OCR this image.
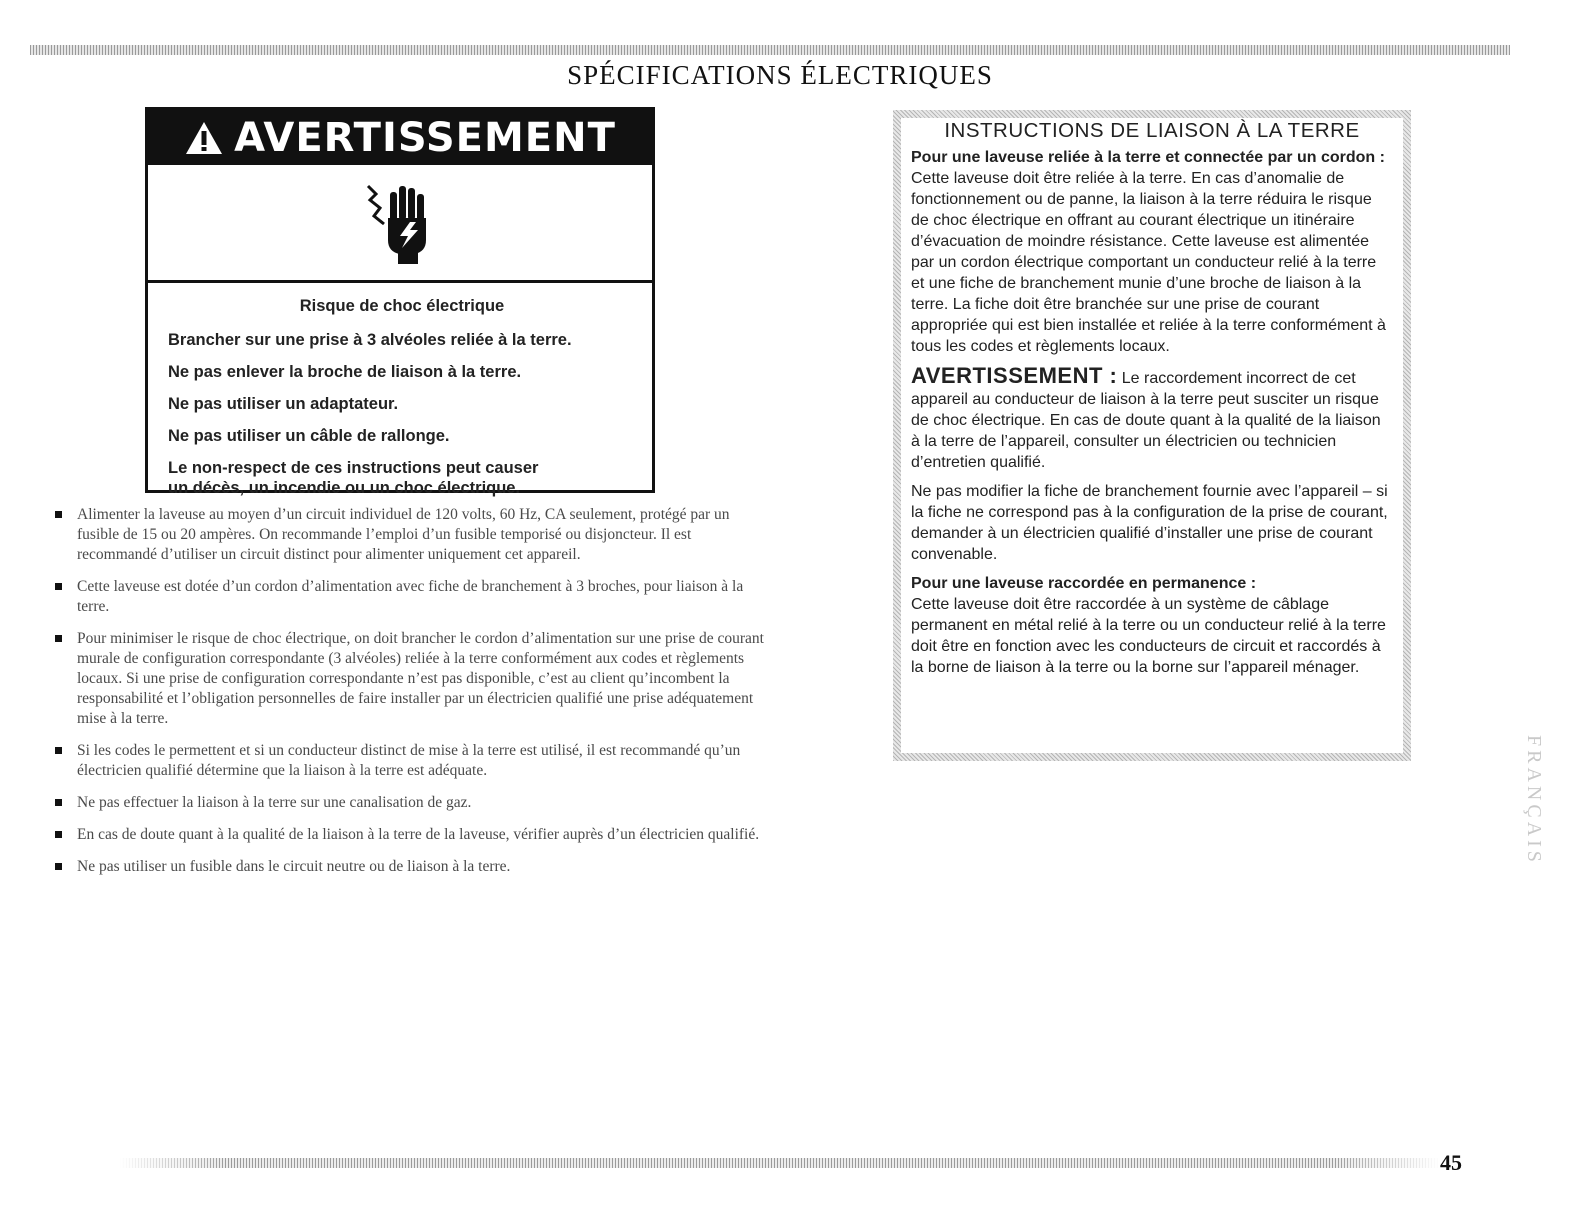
SPÉCIFICATIONS ÉLECTRIQUES
AVERTISSEMENT
Risque de choc électrique
Brancher sur une prise à 3 alvéoles reliée à la terre.
Ne pas enlever la broche de liaison à la terre.
Ne pas utiliser un adaptateur.
Ne pas utiliser un câble de rallonge.
Le non-respect de ces instructions peut causer
un décès, un incendie ou un choc électrique.
Alimenter la laveuse au moyen d’un circuit individuel de 120 volts, 60 Hz, CA seulement, protégé par un fusible de 15 ou 20 ampères. On recommande l’emploi d’un fusible temporisé ou disjoncteur. Il est recommandé d’utiliser un circuit distinct pour alimenter uniquement cet appareil.
Cette laveuse est dotée d’un cordon d’alimentation avec fiche de branchement à 3 broches, pour liaison à la terre.
Pour minimiser le risque de choc électrique, on doit brancher le cordon d’alimentation sur une prise de courant murale de configuration correspondante (3 alvéoles) reliée à la terre conformément aux codes et règlements locaux. Si une prise de configuration correspondante n’est pas disponible, c’est au client qu’incombent la responsabilité et l’obligation personnelles de faire installer par un électricien qualifié une prise adéquatement mise à la terre.
Si les codes le permettent et si un conducteur distinct de mise à la terre est utilisé, il est recommandé qu’un électricien qualifié détermine que la liaison à la terre est adéquate.
Ne pas effectuer la liaison à la terre sur une canalisation de gaz.
En cas de doute quant à la qualité de la liaison à la terre de la laveuse, vérifier auprès d’un électricien qualifié.
Ne pas utiliser un fusible dans le circuit neutre ou de liaison à la terre.
INSTRUCTIONS DE LIAISON À LA TERRE
Pour une laveuse reliée à la terre et connectée par un cordon :
Cette laveuse doit être reliée à la terre. En cas d’anomalie de fonctionnement ou de panne, la liaison à la terre réduira le risque de choc électrique en offrant au courant électrique un itinéraire d’évacuation de moindre résistance. Cette laveuse est alimentée par un cordon électrique comportant un conducteur relié à la terre et une fiche de branchement munie d’une broche de liaison à la terre. La fiche doit être branchée sur une prise de courant appropriée qui est bien installée et reliée à la terre conformément à tous les codes et règlements locaux.
AVERTISSEMENT : Le raccordement incorrect de cet appareil au conducteur de liaison à la terre peut susciter un risque de choc électrique. En cas de doute quant à la qualité de la liaison à la terre de l’appareil, consulter un électricien ou technicien d’entretien qualifié.
Ne pas modifier la fiche de branchement fournie avec l’appareil – si la fiche ne correspond pas à la configuration de la prise de courant, demander à un électricien qualifié d’installer une prise de courant convenable.
Pour une laveuse raccordée en permanence :
Cette laveuse doit être raccordée à un système de câblage permanent en métal relié à la terre ou un conducteur relié à la terre doit être en fonction avec les conducteurs de circuit et raccordés à la borne de liaison à la terre ou la borne sur l’appareil ménager.
FRANÇAIS
45
